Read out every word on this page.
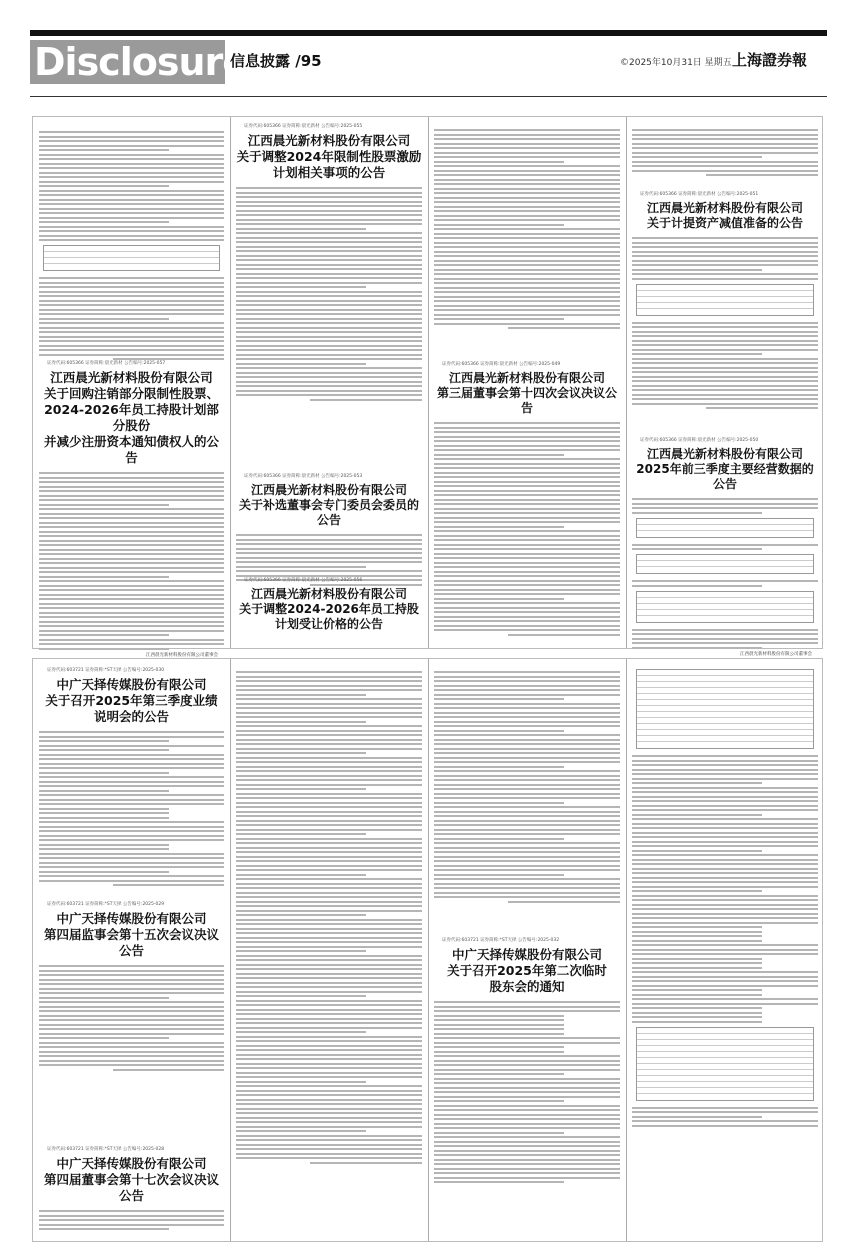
Disclosure
信息披露 /95	©2025年10月31日 星期五 上海證券報
证券代码:605366 证券简称:晨光新材 公告编号:2025-057
江西晨光新材料股份有限公司
关于回购注销部分限制性股票、
2024-2026年员工持股计划部分股份
并减少注册资本通知债权人的公告
江西晨光新材料股份有限公司董事会
证券代码:605366 证券简称:晨光新材 公告编号:2025-055
江西晨光新材料股份有限公司
关于调整2024年限制性股票激励
计划相关事项的公告
证券代码:605366 证券简称:晨光新材 公告编号:2025-053
江西晨光新材料股份有限公司
关于补选董事会专门委员会委员的公告
证券代码:605366 证券简称:晨光新材 公告编号:2025-056
江西晨光新材料股份有限公司
关于调整2024-2026年员工持股
计划受让价格的公告
证券代码:605366 证券简称:晨光新材 公告编号:2025-049
江西晨光新材料股份有限公司
第三届董事会第十四次会议决议公告
证券代码:605366 证券简称:晨光新材 公告编号:2025-051
江西晨光新材料股份有限公司
关于计提资产减值准备的公告
证券代码:605366 证券简称:晨光新材 公告编号:2025-050
江西晨光新材料股份有限公司
2025年前三季度主要经营数据的公告
江西晨光新材料股份有限公司董事会
证券代码:603721 证券简称:*ST天择 公告编号:2025-030
中广天择传媒股份有限公司
关于召开2025年第三季度业绩
说明会的公告
证券代码:603721 证券简称:*ST天择 公告编号:2025-029
中广天择传媒股份有限公司
第四届监事会第十五次会议决议公告
证券代码:603721 证券简称:*ST天择 公告编号:2025-028
中广天择传媒股份有限公司
第四届董事会第十七次会议决议公告
证券代码:603721 证券简称:*ST天择 公告编号:2025-032
中广天择传媒股份有限公司
关于召开2025年第二次临时
股东会的通知
